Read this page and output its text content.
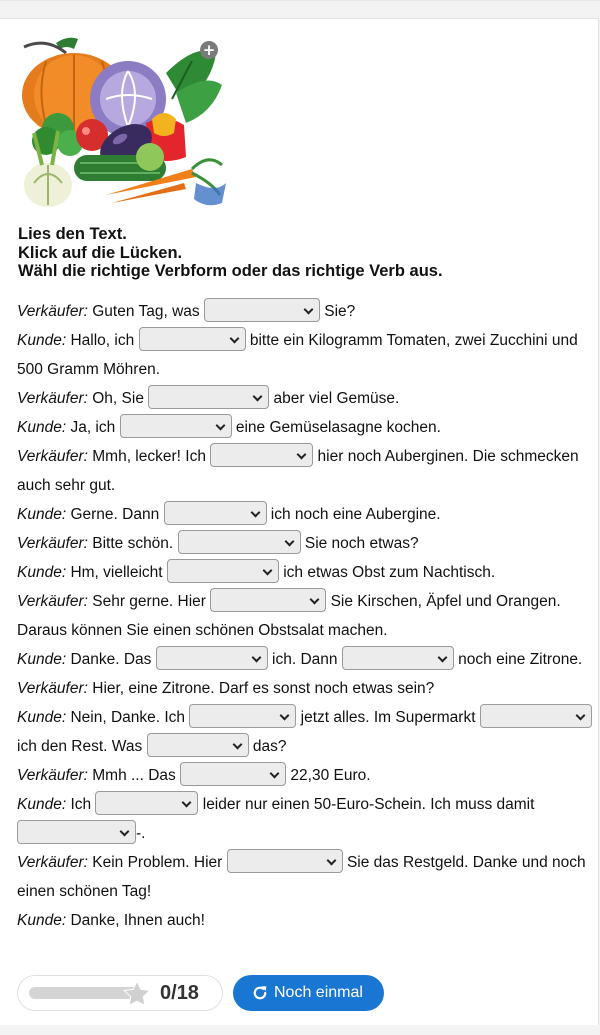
+
Lies den Text.
Klick auf die Lücken.
Wähl die richtige Verbform oder das richtige Verb aus.

Verkäufer: Guten Tag, was	Sie?

Kunde: Hallo, ich	bitte ein Kilogramm Tomaten, zwei Zucchini und 500 Gramm Möhren.

Verkäufer: Oh, Sie	aber viel Gemüse.

Kunde: Ja, ich	eine Gemüselasagne kochen.

Verkäufer: Mmh, lecker! Ich	hier noch Auberginen. Die schmecken auch sehr gut.

Kunde: Gerne. Dann	ich noch eine Aubergine.

Verkäufer: Bitte schön.	Sie noch etwas?

Kunde: Hm, vielleicht	ich etwas Obst zum Nachtisch.

Verkäufer: Sehr gerne. Hier	Sie Kirschen, Äpfel und Orangen. Daraus können Sie einen schönen Obstsalat machen.

Kunde: Danke. Das	ich. Dann	noch eine Zitrone.

Verkäufer: Hier, eine Zitrone. Darf es sonst noch etwas sein?

Kunde: Nein, Danke. Ich	jetzt alles. Im Supermarkt  ich den Rest. Was	das?

Verkäufer: Mmh ... Das	22,30 Euro.

Kunde: Ich	leider nur einen 50-Euro-Schein. Ich muss damit -.

Verkäufer: Kein Problem. Hier	Sie das Restgeld. Danke und noch einen schönen Tag!

Kunde: Danke, Ihnen auch!

0/18	Noch einmal
